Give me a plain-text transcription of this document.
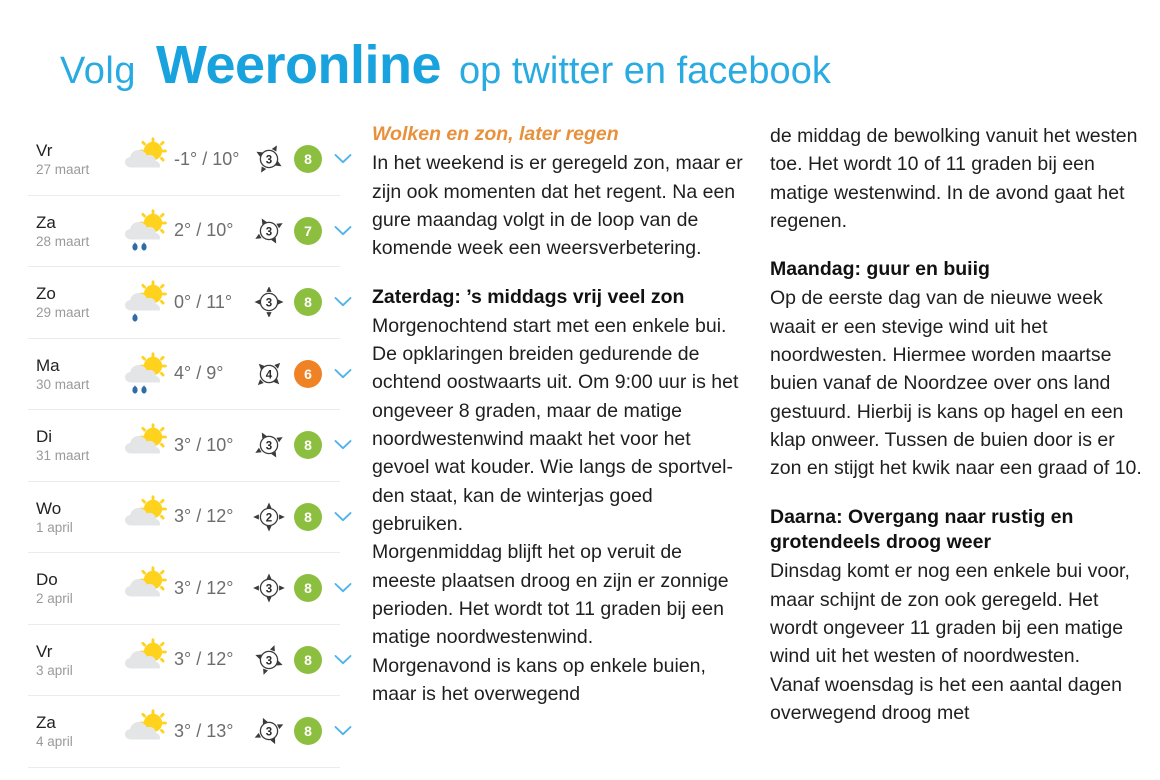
Volg Weeronline op twitter en facebook
Vr
27 maart
-1° / 10°	3	8
Za
28 maart
2° / 10°	3	7
Zo
29 maart
0° / 11°	3	8
Ma
30 maart
4° / 9°	4	6
Di
31 maart
3° / 10°	3	8
Wo
1 april
3° / 12°	2	8
Do
2 april
3° / 12°	3	8
Vr
3 april
3° / 12°	3	8
Za
4 april
3° / 13°	3	8
Wolken en zon, later regen

In het weekend is er geregeld zon, maar er zijn ook momenten dat het regent. Na een gure maandag volgt in de loop van de komende week een weersverbetering.

Zaterdag: ’s middags vrij veel zon

Morgenochtend start met een enkele bui. De opklaringen breiden gedurende de ochtend oostwaarts uit. Om 9:00 uur is het ongeveer 8 graden, maar de matige noordwestenwind maakt het voor het gevoel wat kouder. Wie langs de sportvelden staat, kan de winterjas goed gebruiken.

Morgenmiddag blijft het op veruit de meeste plaatsen droog en zijn er zonnige perioden. Het wordt tot 11 graden bij een matige noordwestenwind.

Morgenavond is kans op enkele buien, maar is het overwegend

de middag de bewolking vanuit het westen toe. Het wordt 10 of 11 graden bij een matige westenwind. In de avond gaat het regenen.

Maandag: guur en buiig

Op de eerste dag van de nieuwe week waait er een stevige wind uit het noordwesten. Hiermee worden maartse buien vanaf de Noordzee over ons land gestuurd. Hierbij is kans op hagel en een klap onweer. Tussen de buien door is er zon en stijgt het kwik naar een graad of 10.

Daarna: Overgang naar rustig en grotendeels droog weer

Dinsdag komt er nog een enkele bui voor, maar schijnt de zon ook geregeld. Het wordt ongeveer 11 graden bij een matige wind uit het westen of noordwesten.

Vanaf woensdag is het een aantal dagen overwegend droog met
